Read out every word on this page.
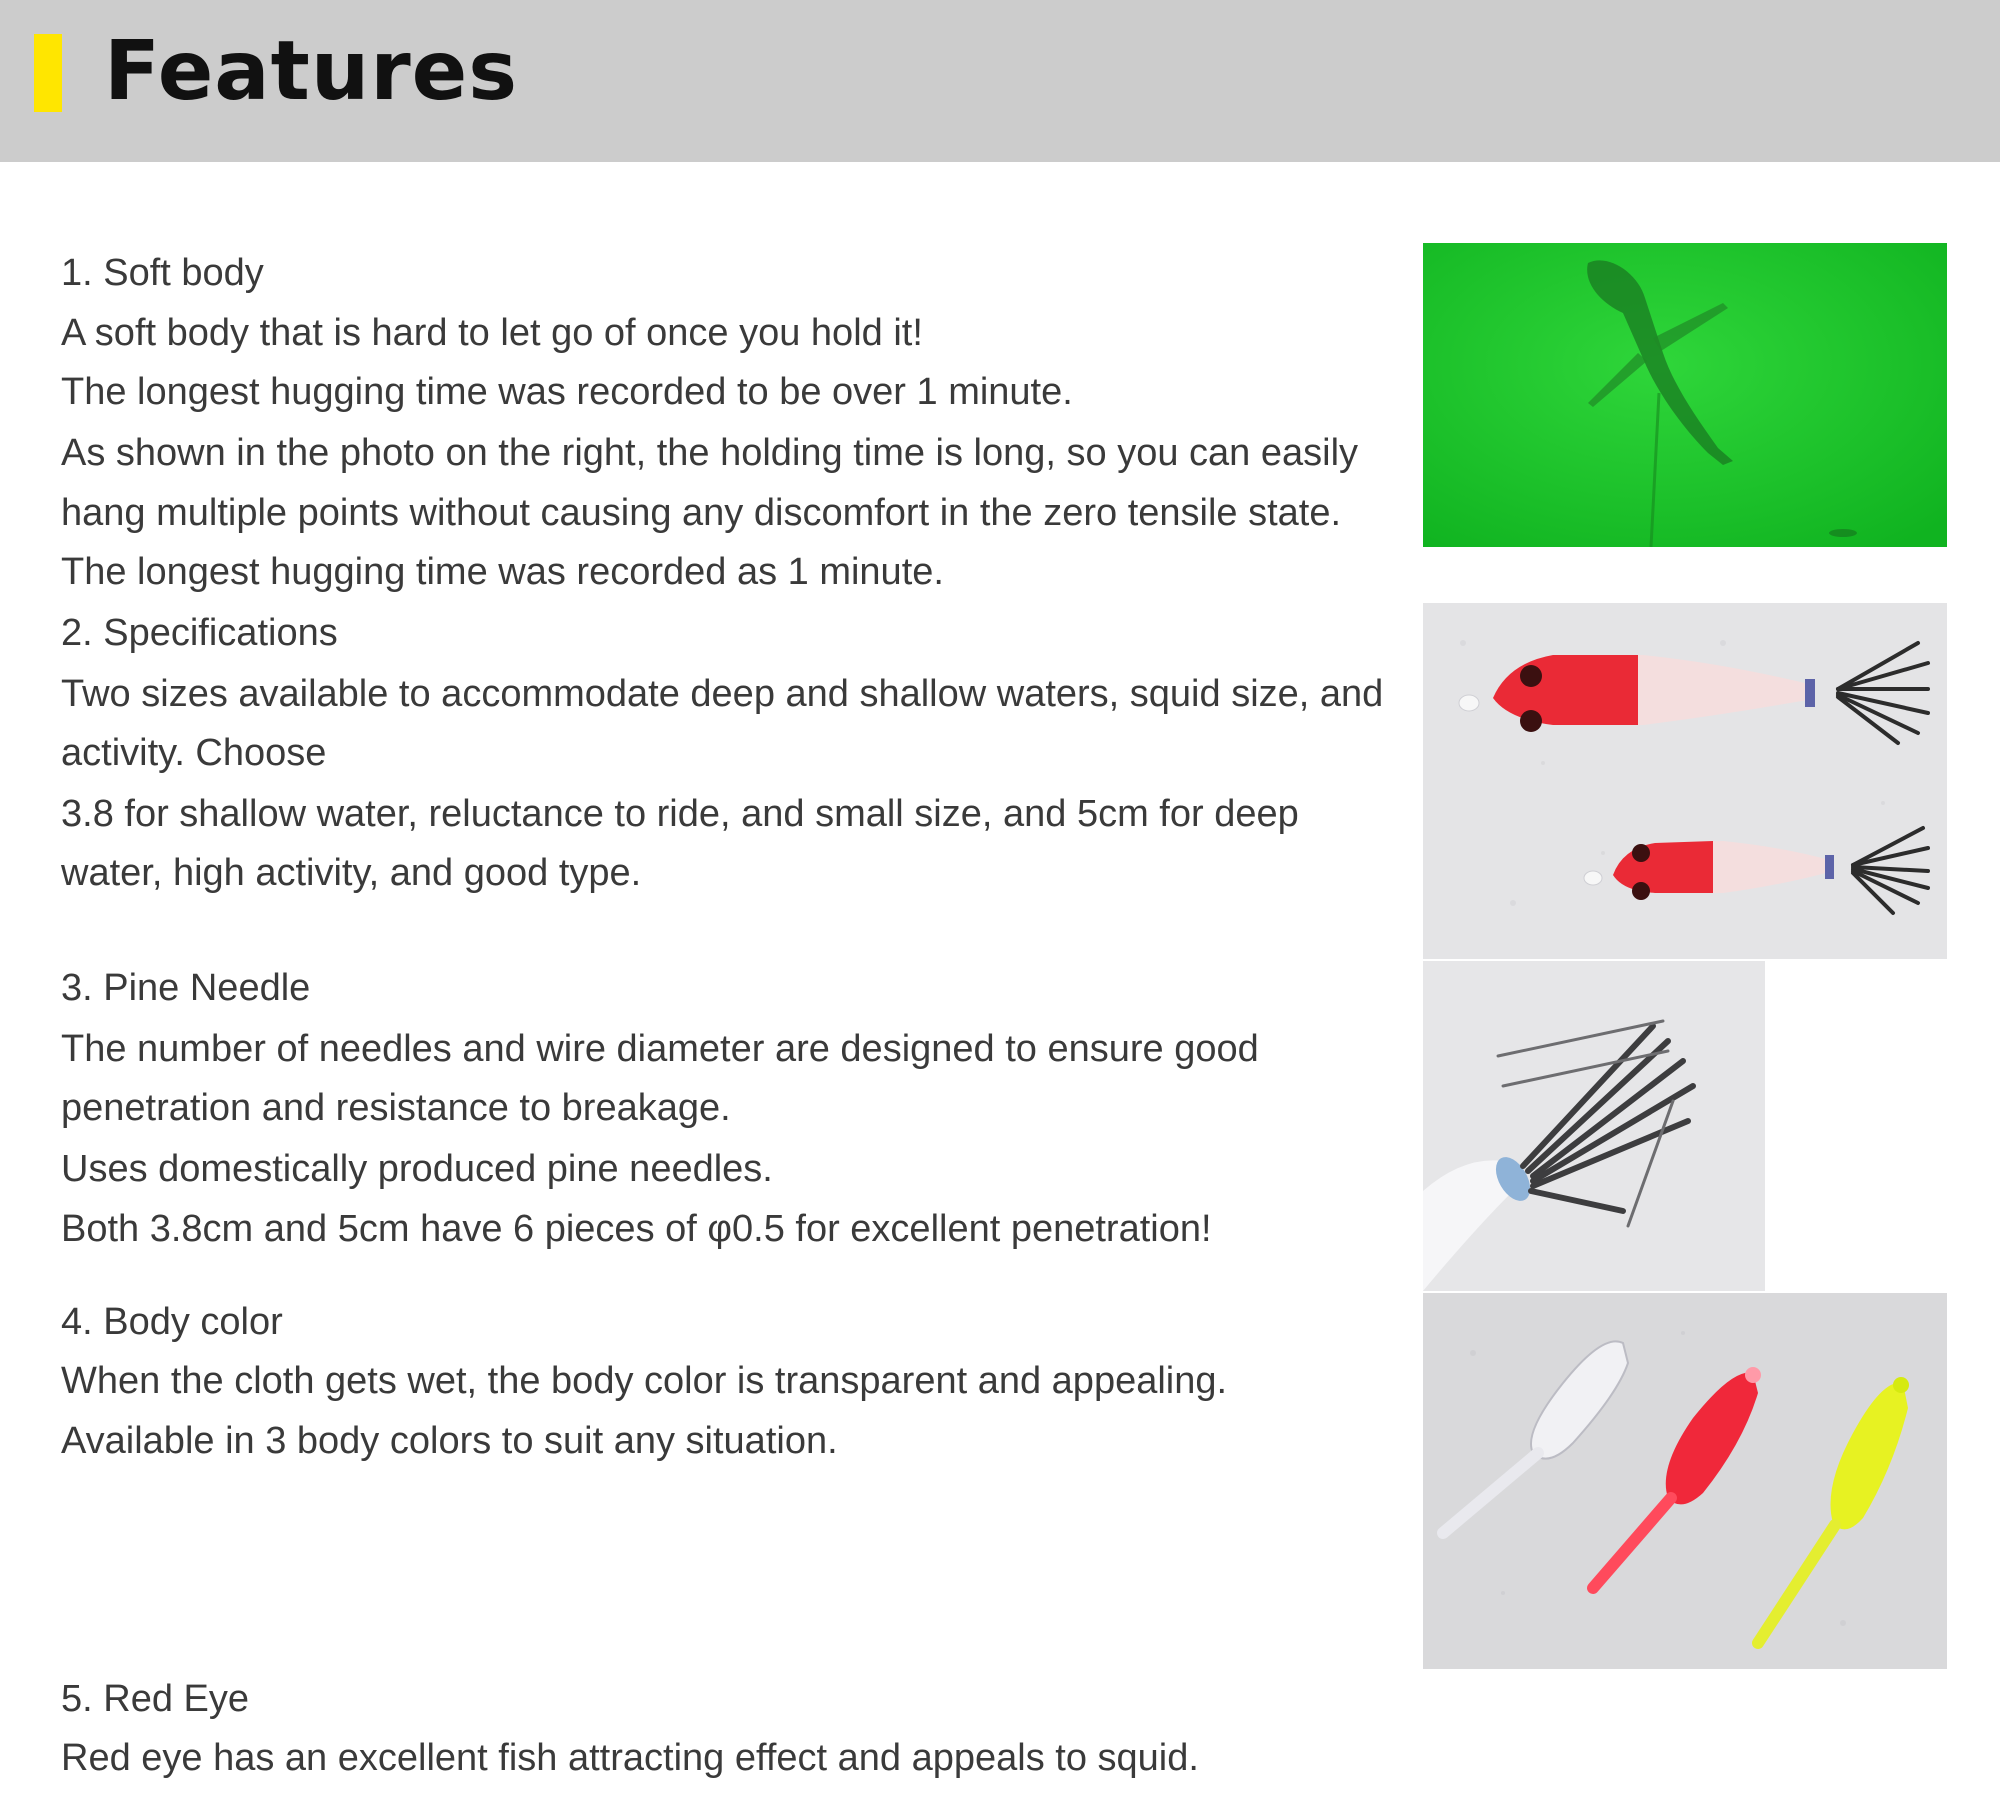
Features

1. Soft body

A soft body that is hard to let go of once you hold it!

The longest hugging time was recorded to be over 1 minute.

As shown in the photo on the right, the holding time is long, so you can easily

hang multiple points without causing any discomfort in the zero tensile state.

The longest hugging time was recorded as 1 minute.

2. Specifications

Two sizes available to accommodate deep and shallow waters, squid size, and

activity. Choose

3.8 for shallow water, reluctance to ride, and small size, and 5cm for deep

water, high activity, and good type.

3. Pine Needle

The number of needles and wire diameter are designed to ensure good

penetration and resistance to breakage.

Uses domestically produced pine needles.

Both 3.8cm and 5cm have 6 pieces of φ0.5 for excellent penetration!

4. Body color

When the cloth gets wet, the body color is transparent and appealing.

Available in 3 body colors to suit any situation.

5. Red Eye

Red eye has an excellent fish attracting effect and appeals to squid.
